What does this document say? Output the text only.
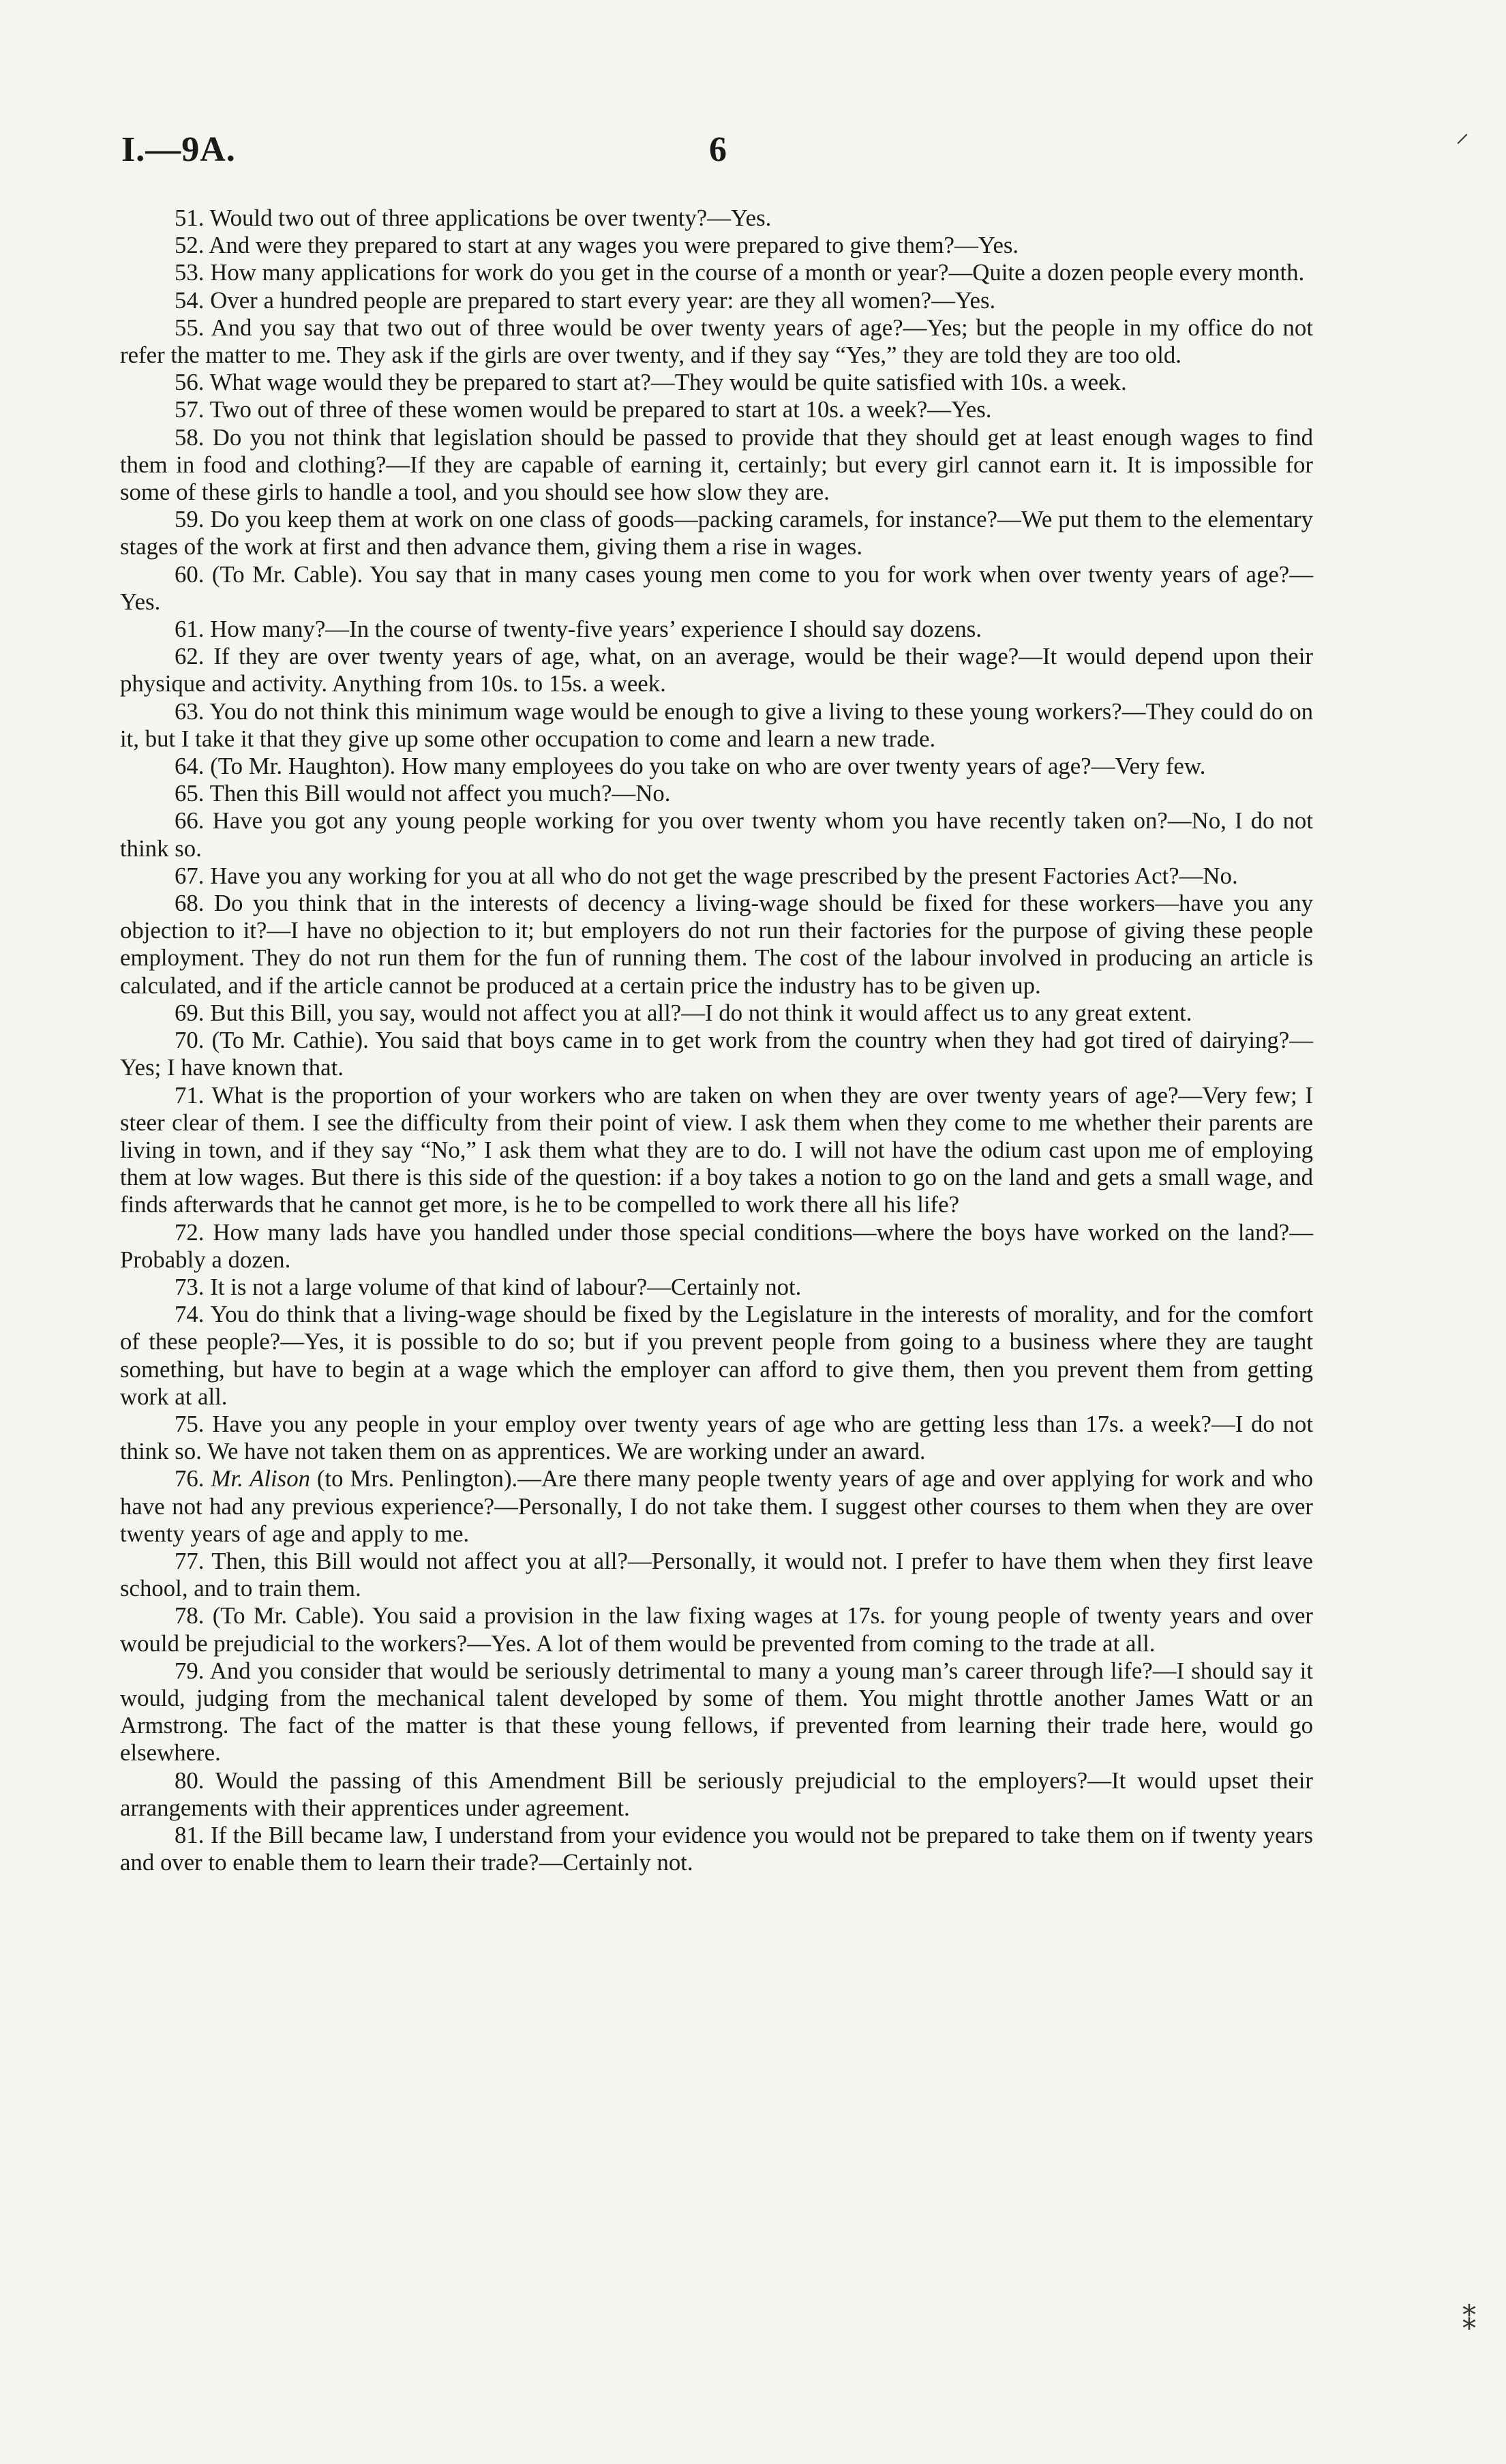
I.—9A.	6

51. Would two out of three applications be over twenty?—Yes.

52. And were they prepared to start at any wages you were prepared to give them?—Yes.

53. How many applications for work do you get in the course of a month or year?—Quite a dozen people every month.

54. Over a hundred people are prepared to start every year: are they all women?—Yes.

55. And you say that two out of three would be over twenty years of age?—Yes; but the people in my office do not refer the matter to me. They ask if the girls are over twenty, and if they say “Yes,” they are told they are too old.

56. What wage would they be prepared to start at?—They would be quite satisfied with 10s. a week.

57. Two out of three of these women would be prepared to start at 10s. a week?—Yes.

58. Do you not think that legislation should be passed to provide that they should get at least enough wages to find them in food and clothing?—If they are capable of earning it, certainly; but every girl cannot earn it. It is impossible for some of these girls to handle a tool, and you should see how slow they are.

59. Do you keep them at work on one class of goods—packing caramels, for instance?—We put them to the elementary stages of the work at first and then advance them, giving them a rise in wages.

60. (To Mr. Cable). You say that in many cases young men come to you for work when over twenty years of age?—Yes.

61. How many?—In the course of twenty-five years’ experience I should say dozens.

62. If they are over twenty years of age, what, on an average, would be their wage?—It would depend upon their physique and activity. Anything from 10s. to 15s. a week.

63. You do not think this minimum wage would be enough to give a living to these young workers?—They could do on it, but I take it that they give up some other occupation to come and learn a new trade.

64. (To Mr. Haughton). How many employees do you take on who are over twenty years of age?—Very few.

65. Then this Bill would not affect you much?—No.

66. Have you got any young people working for you over twenty whom you have recently taken on?—No, I do not think so.

67. Have you any working for you at all who do not get the wage prescribed by the present Factories Act?—No.

68. Do you think that in the interests of decency a living-wage should be fixed for these workers—have you any objection to it?—I have no objection to it; but employers do not run their factories for the purpose of giving these people employment. They do not run them for the fun of running them. The cost of the labour involved in producing an article is calculated, and if the article cannot be produced at a certain price the industry has to be given up.

69. But this Bill, you say, would not affect you at all?—I do not think it would affect us to any great extent.

70. (To Mr. Cathie). You said that boys came in to get work from the country when they had got tired of dairying?—Yes; I have known that.

71. What is the proportion of your workers who are taken on when they are over twenty years of age?—Very few; I steer clear of them. I see the difficulty from their point of view. I ask them when they come to me whether their parents are living in town, and if they say “No,” I ask them what they are to do. I will not have the odium cast upon me of employing them at low wages. But there is this side of the question: if a boy takes a notion to go on the land and gets a small wage, and finds afterwards that he cannot get more, is he to be compelled to work there all his life?

72. How many lads have you handled under those special conditions—where the boys have worked on the land?—Probably a dozen.

73. It is not a large volume of that kind of labour?—Certainly not.

74. You do think that a living-wage should be fixed by the Legislature in the interests of morality, and for the comfort of these people?—Yes, it is possible to do so; but if you prevent people from going to a business where they are taught something, but have to begin at a wage which the employer can afford to give them, then you prevent them from getting work at all.

75. Have you any people in your employ over twenty years of age who are getting less than 17s. a week?—I do not think so. We have not taken them on as apprentices. We are working under an award.

76. Mr. Alison (to Mrs. Penlington).—Are there many people twenty years of age and over applying for work and who have not had any previous experience?—Personally, I do not take them. I suggest other courses to them when they are over twenty years of age and apply to me.

77. Then, this Bill would not affect you at all?—Personally, it would not. I prefer to have them when they first leave school, and to train them.

78. (To Mr. Cable). You said a provision in the law fixing wages at 17s. for young people of twenty years and over would be prejudicial to the workers?—Yes. A lot of them would be prevented from coming to the trade at all.

79. And you consider that would be seriously detrimental to many a young man’s career through life?—I should say it would, judging from the mechanical talent developed by some of them. You might throttle another James Watt or an Armstrong. The fact of the matter is that these young fellows, if prevented from learning their trade here, would go elsewhere.

80. Would the passing of this Amendment Bill be seriously prejudicial to the employers?—It would upset their arrangements with their apprentices under agreement.

81. If the Bill became law, I understand from your evidence you would not be prepared to take them on if twenty years and over to enable them to learn their trade?—Certainly not.

⸝
⁑
